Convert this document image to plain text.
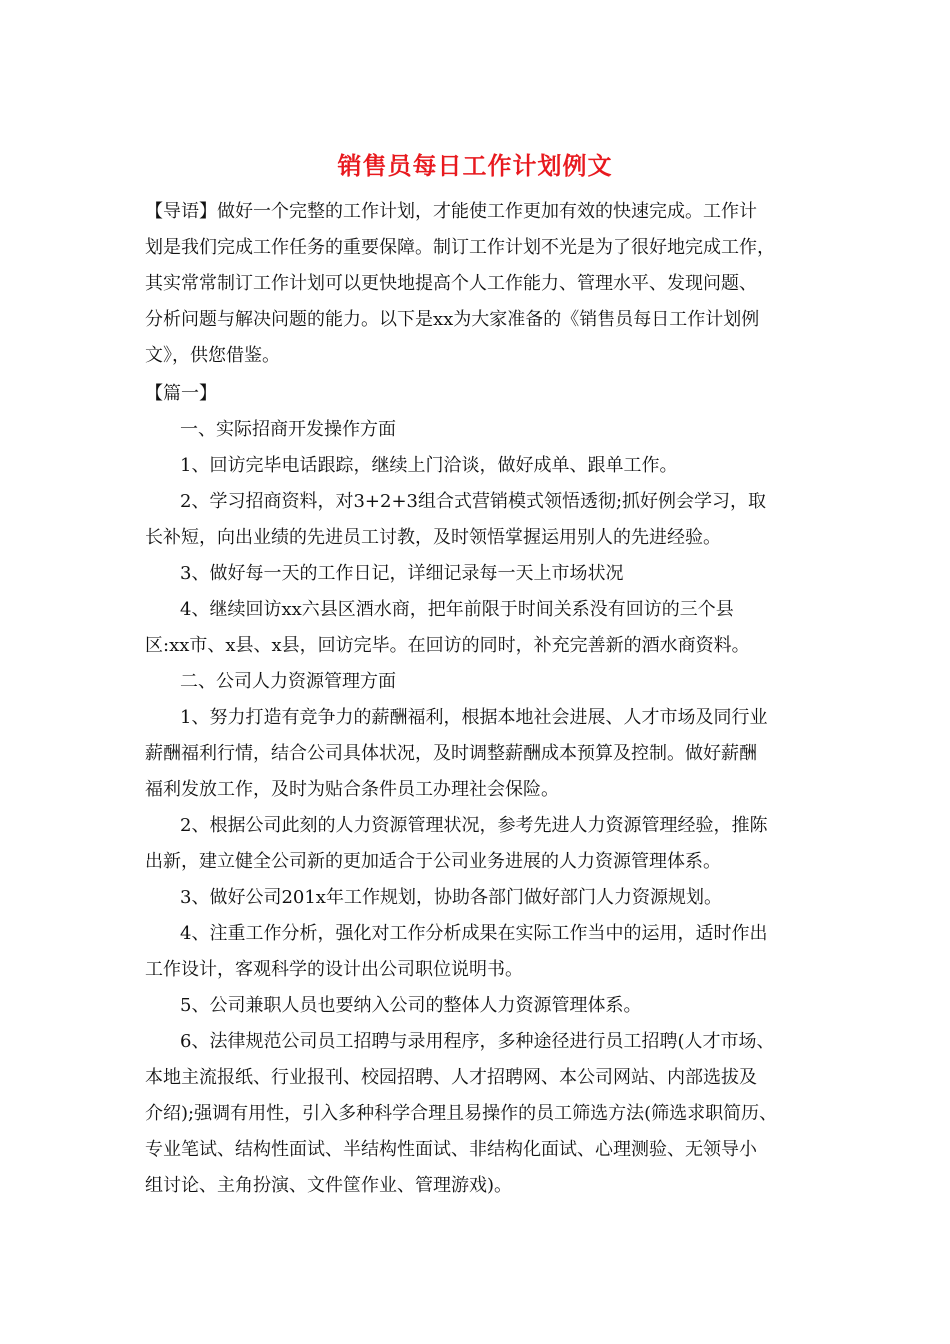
销售员每日工作计划例文
【导语】做好一个完整的工作计划，才能使工作更加有效的快速完成。工作计
划是我们完成工作任务的重要保障。制订工作计划不光是为了很好地完成工作，
其实常常制订工作计划可以更快地提高个人工作能力、管理水平、发现问题、
分析问题与解决问题的能力。以下是xx为大家准备的《销售员每日工作计划例
文》，供您借鉴。
【篇一】
一、实际招商开发操作方面
1、回访完毕电话跟踪，继续上门洽谈，做好成单、跟单工作。
2、学习招商资料，对3+2+3组合式营销模式领悟透彻;抓好例会学习，取
长补短，向出业绩的先进员工讨教，及时领悟掌握运用别人的先进经验。
3、做好每一天的工作日记，详细记录每一天上市场状况
4、继续回访xx六县区酒水商，把年前限于时间关系没有回访的三个县
区:xx市、x县、x县，回访完毕。在回访的同时，补充完善新的酒水商资料。
二、公司人力资源管理方面
1、努力打造有竞争力的薪酬福利，根据本地社会进展、人才市场及同行业
薪酬福利行情，结合公司具体状况，及时调整薪酬成本预算及控制。做好薪酬
福利发放工作，及时为贴合条件员工办理社会保险。
2、根据公司此刻的人力资源管理状况，参考先进人力资源管理经验，推陈
出新，建立健全公司新的更加适合于公司业务进展的人力资源管理体系。
3、做好公司201x年工作规划，协助各部门做好部门人力资源规划。
4、注重工作分析，强化对工作分析成果在实际工作当中的运用，适时作出
工作设计，客观科学的设计出公司职位说明书。
5、公司兼职人员也要纳入公司的整体人力资源管理体系。
6、法律规范公司员工招聘与录用程序，多种途径进行员工招聘(人才市场、
本地主流报纸、行业报刊、校园招聘、人才招聘网、本公司网站、内部选拔及
介绍);强调有用性，引入多种科学合理且易操作的员工筛选方法(筛选求职简历、
专业笔试、结构性面试、半结构性面试、非结构化面试、心理测验、无领导小
组讨论、主角扮演、文件筐作业、管理游戏)。
